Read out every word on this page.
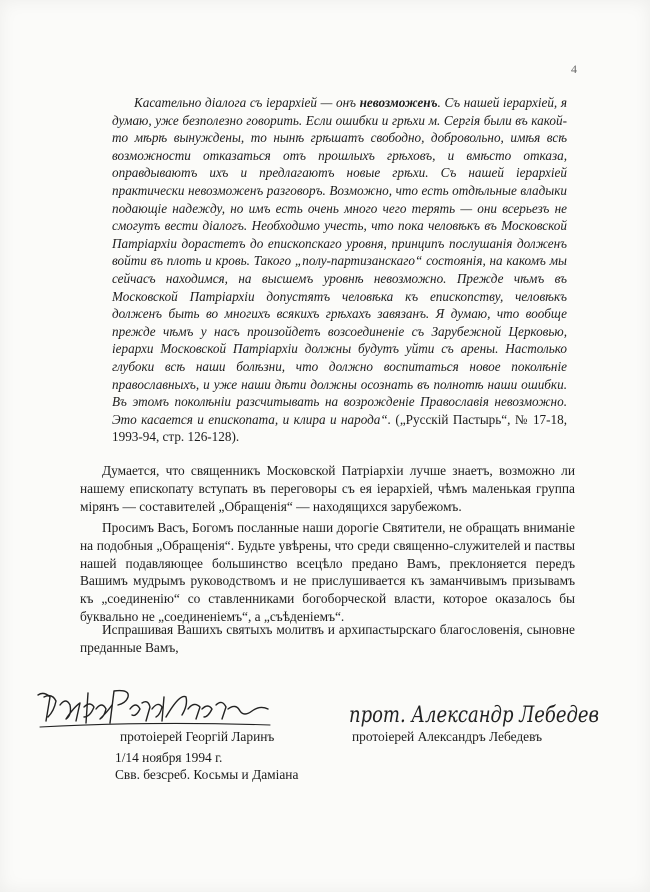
4

Касательно діалога съ iерархiей — онъ невозможенъ. Съ нашей iерархiей, я думаю, уже безполезно говорить. Если ошибки и грѣхи м. Сергія были въ какой-то мѣрѣ вынуждены, то нынѣ грѣшатъ свободно, добровольно, имѣя всѣ возможности отказаться отъ прошлыхъ грѣховъ, и вмѣсто отказа, оправдываютъ ихъ и предлагаютъ новые грѣхи. Съ нашей iерархiей практически невозможенъ разговоръ. Возможно, что есть отдѣльные владыки подающіе надежду, но имъ есть очень много чего терять — они всерьезъ не смогутъ вести діалогъ. Необходимо учесть, что пока человѣкъ въ Московской Патріархіи дорастетъ до епископскаго уровня, принципъ послушанія долженъ войти въ плоть и кровь. Такого „полу-партизанскаго“ состоянія, на какомъ мы сейчасъ находимся, на высшемъ уровнѣ невозможно. Прежде чѣмъ въ Московской Патріархіи допустятъ человѣка къ епископству, человѣкъ долженъ быть во многихъ всякихъ грѣхахъ завязанъ. Я думаю, что вообще прежде чѣмъ у насъ произойдетъ возсоединеніе съ Зарубежной Церковью, іерархи Московской Патріархіи должны будутъ уйти съ арены. Настолько глубоки всѣ наши болѣзни, что должно воспитаться новое поколѣніе православныхъ, и уже наши дѣти должны осознать въ полнотѣ наши ошибки. Въ этомъ поколѣніи разсчитывать на возрожденіе Православія невозможно. Это касается и епископата, и клира и народа“. („Русскій Пастырь“, № 17-18, 1993-94, стр. 126-128).

Думается, что священникъ Московской Патріархіи лучше знаетъ, возможно ли нашему епископату вступать въ переговоры съ ея іерархіей, чѣмъ маленькая группа мірянъ — составителей „Обращенія“ — находящихся зарубежомъ.

Просимъ Васъ, Богомъ посланные наши дорогіе Святители, не обращать вниманіе на подобныя „Обращенія“. Будьте увѣрены, что среди священно-служителей и паствы нашей подавляющее большинство всецѣло предано Вамъ, преклоняется передъ Вашимъ мудрымъ руководствомъ и не прислушивается къ заманчивымъ призывамъ къ „соединенію“ со ставленниками богоборческой власти, которое оказалось бы буквально не „соединеніемъ“, а „съѣденіемъ“.

Испрашивая Вашихъ святыхъ молитвъ и архипастырскаго благословенія, сыновне преданные Вамъ,

прот. Александр Лебедев
протоіерей Георгій Ларинъ	протоіерей Александръ Лебедевъ
1/14 ноября 1994 г.
Свв. безсреб. Косьмы и Даміана
